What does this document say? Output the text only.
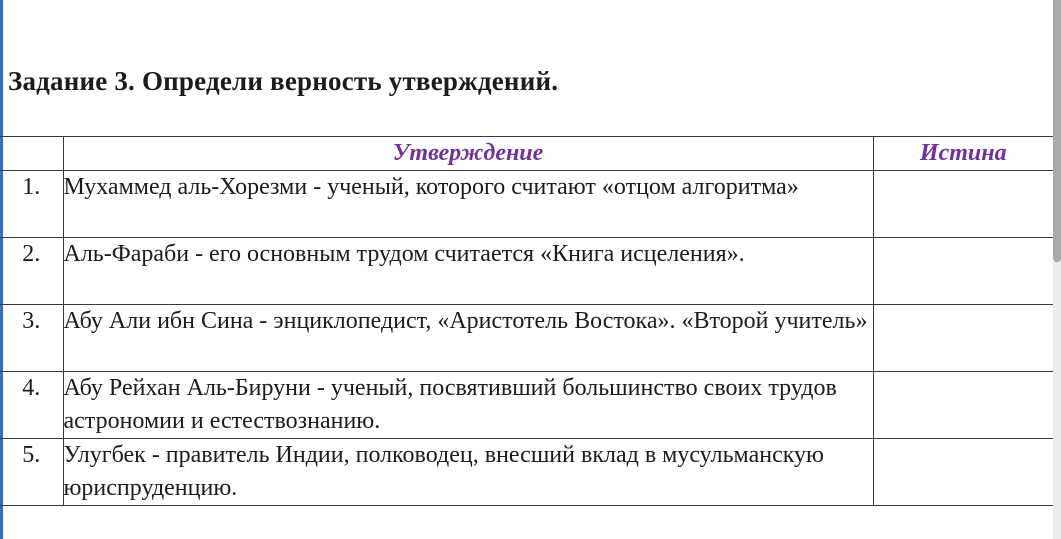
Задание 3. Определи верность утверждений.
	Утверждение	Истина
1.	Мухаммед аль-Хорезми - ученый, которого считают «отцом алгоритма»	
2.	Аль-Фараби - его основным трудом считается «Книга исцеления».	
3.	Абу Али ибн Сина - энциклопедист, «Аристотель Востока». «Второй учитель»	
4.	Абу Рейхан Аль-Бируни - ученый, посвятивший большинство своих трудов астрономии и естествознанию.	
5.	Улугбек - правитель Индии, полководец, внесший вклад в мусульманскую юриспруденцию.	
